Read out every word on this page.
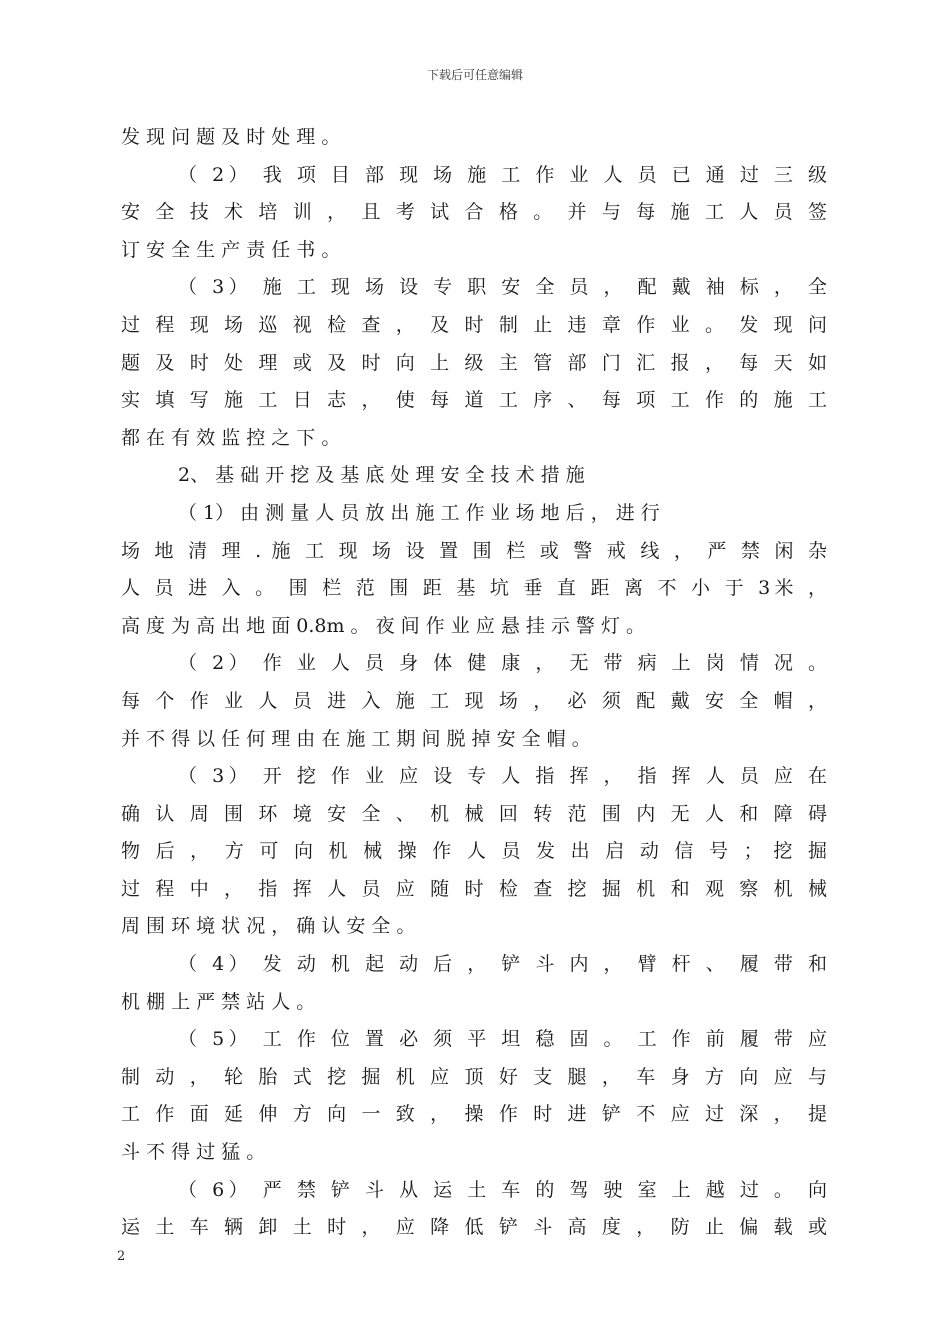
下载后可任意编辑
发 现 问 题 及 时 处 理 。
（ 2） 我 项 目 部 现 场 施 工 作 业 人 员 已 通 过 三 级
安 全 技 术 培 训 ， 且 考 试 合 格 。 并 与 每 施 工 人 员 签
订 安 全 生 产 责 任 书 。
（ 3） 施 工 现 场 设 专 职 安 全 员 ， 配 戴 袖 标 ， 全
过 程 现 场 巡 视 检 查 ， 及 时 制 止 违 章 作 业 。 发 现 问
题 及 时 处 理 或 及 时 向 上 级 主 管 部 门 汇 报 ， 每 天 如
实 填 写 施 工 日 志 ， 使 每 道 工 序 、 每 项 工 作 的 施 工
都 在 有 效 监 控 之 下 。
2、 基 础 开 挖 及 基 底 处 理 安 全 技 术 措 施
（ 1） 由 测 量 人 员 放 出 施 工 作 业 场 地 后 ， 进 行
场 地 清 理 . 施 工 现 场 设 置 围 栏 或 警 戒 线 ， 严 禁 闲 杂
人 员 进 入 。 围 栏 范 围 距 基 坑 垂 直 距 离 不 小 于 3米 ，
高 度 为 高 出 地 面 0.8m 。 夜 间 作 业 应 悬 挂 示 警 灯 。
（ 2） 作 业 人 员 身 体 健 康 ， 无 带 病 上 岗 情 况 。
每 个 作 业 人 员 进 入 施 工 现 场 ， 必 须 配 戴 安 全 帽 ，
并 不 得 以 任 何 理 由 在 施 工 期 间 脱 掉 安 全 帽 。
（ 3） 开 挖 作 业 应 设 专 人 指 挥 ， 指 挥 人 员 应 在
确 认 周 围 环 境 安 全 、 机 械 回 转 范 围 内 无 人 和 障 碍
物 后 ， 方 可 向 机 械 操 作 人 员 发 出 启 动 信 号 ； 挖 掘
过 程 中 ， 指 挥 人 员 应 随 时 检 查 挖 掘 机 和 观 察 机 械
周 围 环 境 状 况 ， 确 认 安 全 。
（ 4） 发 动 机 起 动 后 ， 铲 斗 内 ， 臂 杆 、 履 带 和
机 棚 上 严 禁 站 人 。
（ 5） 工 作 位 置 必 须 平 坦 稳 固 。 工 作 前 履 带 应
制 动 ， 轮 胎 式 挖 掘 机 应 顶 好 支 腿 ， 车 身 方 向 应 与
工 作 面 延 伸 方 向 一 致 ， 操 作 时 进 铲 不 应 过 深 ， 提
斗 不 得 过 猛 。
（ 6） 严 禁 铲 斗 从 运 土 车 的 驾 驶 室 上 越 过 。 向
运 土 车 辆 卸 土 时 ， 应 降 低 铲 斗 高 度 ， 防 止 偏 载 或
2
